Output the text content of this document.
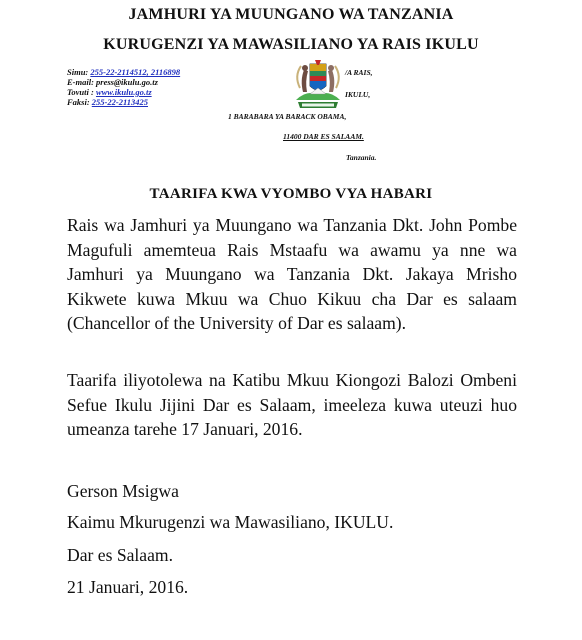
JAMHURI YA MUUNGANO WA TANZANIA
KURUGENZI YA MAWASILIANO YA RAIS IKULU
Simu: 255-22-2114512, 2116898
E-mail: press@ikulu.go.tz
Tovuti : www.ikulu.go.tz
Faksi: 255-22-2113425
/A RAIS,
IKULU,
1 BARABARA YA BARACK OBAMA,
11400 DAR ES SALAAM.
Tanzania.
TAARIFA KWA VYOMBO VYA HABARI
Rais wa Jamhuri ya Muungano wa Tanzania Dkt. John Pombe Magufuli amemteua Rais Mstaafu wa awamu ya nne wa Jamhuri ya Muungano wa Tanzania Dkt. Jakaya Mrisho Kikwete kuwa Mkuu wa Chuo Kikuu cha Dar es salaam (Chancellor of the University of Dar es salaam).
Taarifa iliyotolewa na Katibu Mkuu Kiongozi Balozi Ombeni Sefue Ikulu Jijini Dar es Salaam, imeeleza kuwa uteuzi huo umeanza tarehe 17 Januari, 2016.
Gerson Msigwa
Kaimu Mkurugenzi wa Mawasiliano, IKULU.
Dar es Salaam.
21 Januari, 2016.
